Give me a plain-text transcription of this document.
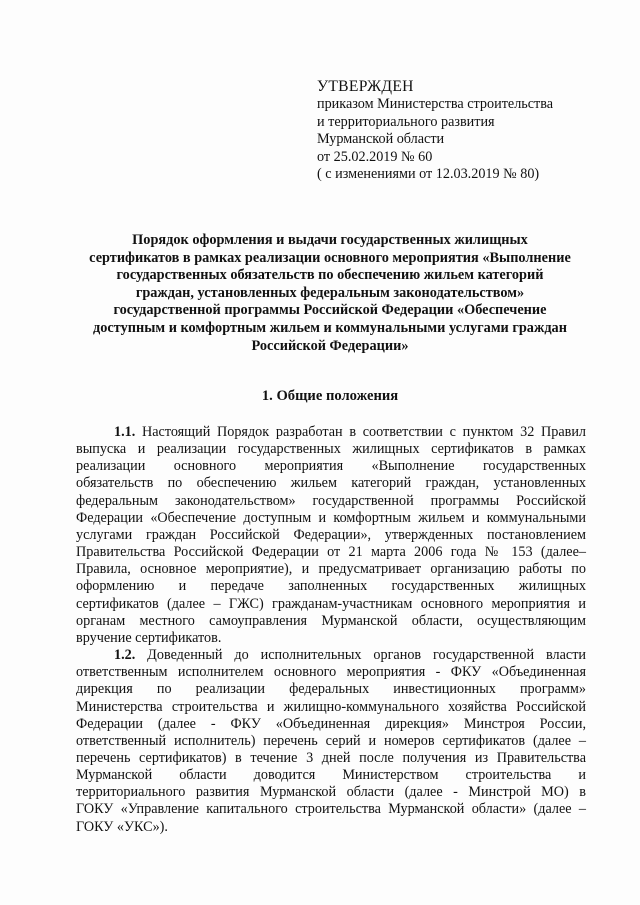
УТВЕРЖДЕН
приказом Министерства строительства
и территориального развития
Мурманской области
от 25.02.2019 № 60
( с изменениями от 12.03.2019 № 80)
Порядок оформления и выдачи государственных жилищных
сертификатов в рамках реализации основного мероприятия «Выполнение
государственных обязательств по обеспечению жильем категорий
граждан, установленных федеральным законодательством»
государственной программы Российской Федерации «Обеспечение
доступным и комфортным жильем и коммунальными услугами граждан
Российской Федерации»
1. Общие положения
1.1. Настоящий Порядок разработан в соответствии с пунктом 32 Правил
выпуска и реализации государственных жилищных сертификатов в рамках
реализации основного мероприятия «Выполнение государственных
обязательств по обеспечению жильем категорий граждан, установленных
федеральным законодательством» государственной программы Российской
Федерации «Обеспечение доступным и комфортным жильем и коммунальными
услугами граждан Российской Федерации», утвержденных постановлением
Правительства Российской Федерации от 21 марта 2006 года № 153 (далее–
Правила, основное мероприятие), и предусматривает организацию работы по
оформлению и передаче заполненных государственных жилищных
сертификатов (далее – ГЖС) гражданам-участникам основного мероприятия и
органам местного самоуправления Мурманской области, осуществляющим
вручение сертификатов.
1.2. Доведенный до исполнительных органов государственной власти
ответственным исполнителем основного мероприятия - ФКУ «Объединенная
дирекция по реализации федеральных инвестиционных программ»
Министерства строительства и жилищно-коммунального хозяйства Российской
Федерации (далее - ФКУ «Объединенная дирекция» Минстроя России,
ответственный исполнитель) перечень серий и номеров сертификатов (далее –
перечень сертификатов) в течение 3 дней после получения из Правительства
Мурманской области доводится Министерством строительства и
территориального развития Мурманской области (далее - Минстрой МО) в
ГОКУ «Управление капитального строительства Мурманской области» (далее –
ГОКУ «УКС»).
